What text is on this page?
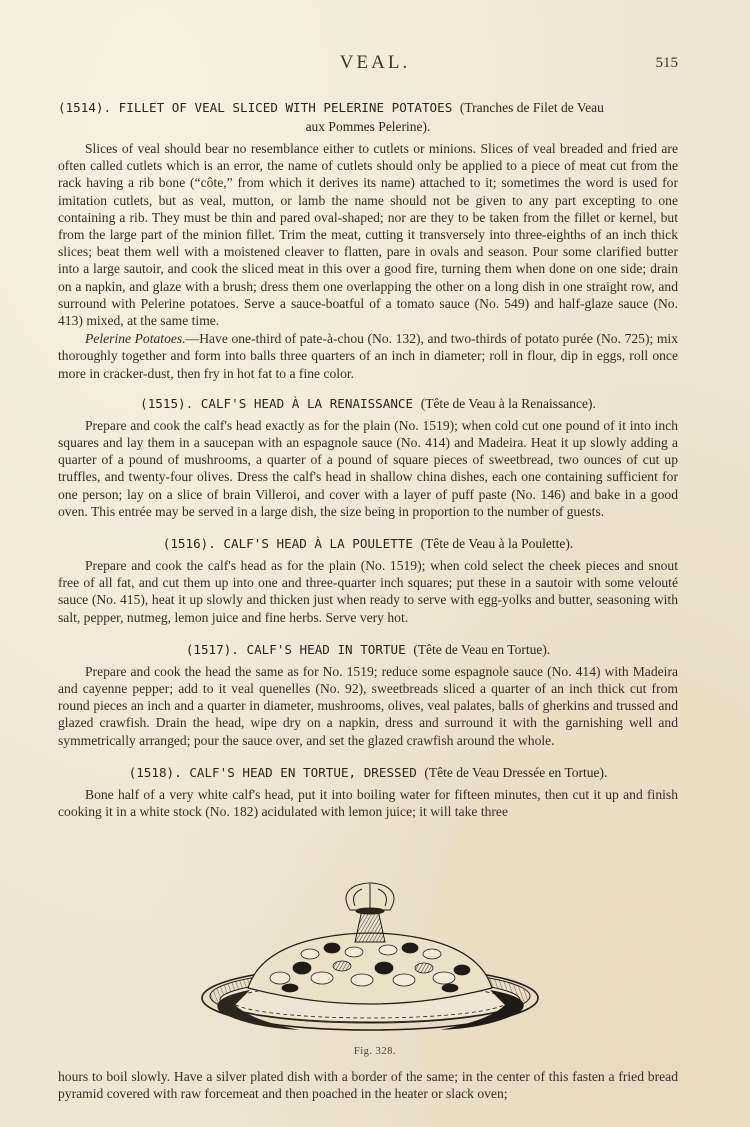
VEAL.	515

(1514). FILLET OF VEAL SLICED WITH PELERINE POTATOES (Tranches de Filet de Veau
aux Pommes Pelerine).

Slices of veal should bear no resemblance either to cutlets or minions. Slices of veal breaded and fried are often called cutlets which is an error, the name of cutlets should only be applied to a piece of meat cut from the rack having a rib bone (“côte,” from which it derives its name) attached to it; sometimes the word is used for imitation cutlets, but as veal, mutton, or lamb the name should not be given to any part excepting to one containing a rib. They must be thin and pared oval-shaped; nor are they to be taken from the fillet or kernel, but from the large part of the minion fillet. Trim the meat, cutting it transversely into three-eighths of an inch thick slices; beat them well with a moistened cleaver to flatten, pare in ovals and season. Pour some clarified butter into a large sautoir, and cook the sliced meat in this over a good fire, turning them when done on one side; drain on a napkin, and glaze with a brush; dress them one overlapping the other on a long dish in one straight row, and surround with Pelerine potatoes. Serve a sauce-boatful of a tomato sauce (No. 549) and half-glaze sauce (No. 413) mixed, at the same time.

Pelerine Potatoes.—Have one-third of pate-à-chou (No. 132), and two-thirds of potato purée (No. 725); mix thoroughly together and form into balls three quarters of an inch in diameter; roll in flour, dip in eggs, roll once more in cracker-dust, then fry in hot fat to a fine color.

(1515). CALF'S HEAD À LA RENAISSANCE (Tête de Veau à la Renaissance).

Prepare and cook the calf's head exactly as for the plain (No. 1519); when cold cut one pound of it into inch squares and lay them in a saucepan with an espagnole sauce (No. 414) and Madeira. Heat it up slowly adding a quarter of a pound of mushrooms, a quarter of a pound of square pieces of sweetbread, two ounces of cut up truffles, and twenty-four olives. Dress the calf's head in shallow china dishes, each one containing sufficient for one person; lay on a slice of brain Villeroi, and cover with a layer of puff paste (No. 146) and bake in a good oven. This entrée may be served in a large dish, the size being in proportion to the number of guests.

(1516). CALF'S HEAD À LA POULETTE (Tête de Veau à la Poulette).

Prepare and cook the calf's head as for the plain (No. 1519); when cold select the cheek pieces and snout free of all fat, and cut them up into one and three-quarter inch squares; put these in a sautoir with some velouté sauce (No. 415), heat it up slowly and thicken just when ready to serve with egg-yolks and butter, seasoning with salt, pepper, nutmeg, lemon juice and fine herbs. Serve very hot.

(1517). CALF'S HEAD IN TORTUE (Tête de Veau en Tortue).

Prepare and cook the head the same as for No. 1519; reduce some espagnole sauce (No. 414) with Madeira and cayenne pepper; add to it veal quenelles (No. 92), sweetbreads sliced a quarter of an inch thick cut from round pieces an inch and a quarter in diameter, mushrooms, olives, veal palates, balls of gherkins and trussed and glazed crawfish. Drain the head, wipe dry on a napkin, dress and surround it with the garnishing well and symmetrically arranged; pour the sauce over, and set the glazed crawfish around the whole.

(1518). CALF'S HEAD EN TORTUE, DRESSED (Tête de Veau Dressée en Tortue).

Bone half of a very white calf's head, put it into boiling water for fifteen minutes, then cut it up and finish cooking it in a white stock (No. 182) acidulated with lemon juice; it will take three

Fig. 328.

hours to boil slowly. Have a silver plated dish with a border of the same; in the center of this fasten a fried bread pyramid covered with raw forcemeat and then poached in the heater or slack oven;
